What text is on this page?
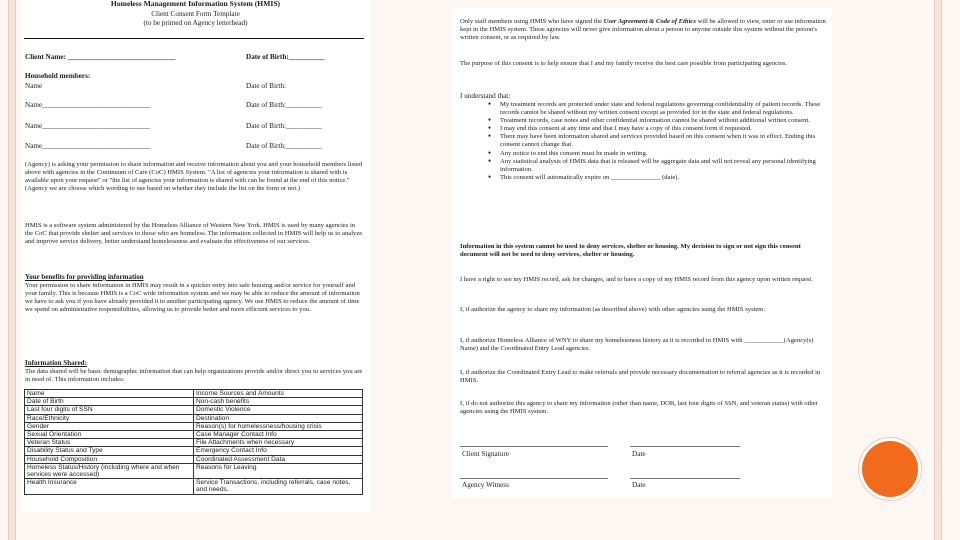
Homeless Management Information System (HMIS)
Client Consent Form Template
(to be printed on Agency letterhead)
Client Name: ______________________________	Date of Birth:__________
Household members:
Name	Date of Birth:
Name______________________________	Date of Birth:__________
Name______________________________	Date of Birth:__________
Name______________________________	Date of Birth:__________
(Agency) is asking your permission to share information and receive information about you and your household members listed above with agencies in the Continuum of Care (CoC) HMIS System. "A list of agencies your information is shared with is available upon your request" or "the list of agencies your information is shared with can be found at the end of this notice." (Agency we are choose which wording to use based on whether they include the list on the form or not.)
HMIS is a software system administered by the Homeless Alliance of Western New York. HMIS is used by many agencies in the CoC that provide shelter and services to those who are homeless. The information collected in HMIS will help us to analyze and improve service delivery, better understand homelessness and evaluate the effectiveness of our services.
Your benefits for providing information
Your permission to share information in HMIS may result in a quicker entry into safe housing and/or service for yourself and your family. This is because HMIS is a CoC wide information system and we may be able to reduce the amount of information we have to ask you if you have already provided it to another participating agency. We use HMIS to reduce the amount of time we spend on administrative responsibilities, allowing us to provide better and more efficient services to you.
Information Shared:
The data shared will be basic demographic information that can help organizations provide and/or direct you to services you are in need of. This information includes:
Name	Income Sources and Amounts
Date of Birth	Non-cash benefits
Last four digits of SSN	Domestic Violence
Race/Ethnicity	Destination
Gender	Reason(s) for homelessness/housing crisis
Sexual Orientation	Case Manager Contact Info
Veteran Status	File Attachments when necessary
Disability Status and Type	Emergency Contact Info
Household Composition	Coordinated Assessment Data
Homeless Status/History (including where and when services were accessed)	Reasons for Leaving
Health Insurance	Service Transactions, including referrals, case notes, and needs.
Only staff members using HMIS who have signed the User Agreement & Code of Ethics will be allowed to view, enter or use information kept in the HMIS system. These agencies will never give information about a person to anyone outside this system without the person's written consent, or as required by law.
The purpose of this consent is to help ensure that I and my family receive the best care possible from participating agencies.
I understand that:
● My treatment records are protected under state and federal regulations governing confidentiality of patient records. These records cannot be shared without my written consent except as provided for in the state and federal regulations.
● Treatment records, case notes and other confidential information cannot be shared without additional written consent.
● I may end this consent at any time and that I may have a copy of this consent form if requested.
● There may have been information shared and services provided based on this consent when it was in effect. Ending this consent cannot change that.
● Any notice to end this consent must be made in writing.
● Any statistical analysis of HMIS data that is released will be aggregate data and will not reveal any personal identifying information.
● This consent will automatically expire on _______________ (date).
Information in this system cannot be used to deny services, shelter or housing. My decision to sign or not sign this consent document will not be used to deny services, shelter or housing.
I have a right to see my HMIS record, ask for changes, and to have a copy of my HMIS record from this agency upon written request.
I, if authorize the agency to share my information (as described above) with other agencies using the HMIS system.
I, if authorize Homeless Alliance of WNY to share my homelessness history as it is recorded in HMIS with ____________(Agency(s) Name) and the Coordinated Entry Lead agencies.
I, if authorize the Coordinated Entry Lead to make referrals and provide necessary documentation to referral agencies as it is recorded in HMIS.
I, if do not authorize this agency to share my information (other than name, DOB, last four digits of SSN, and veteran status) with other agencies using the HMIS system.
Client Signature	Date
Agency Witness	Date
